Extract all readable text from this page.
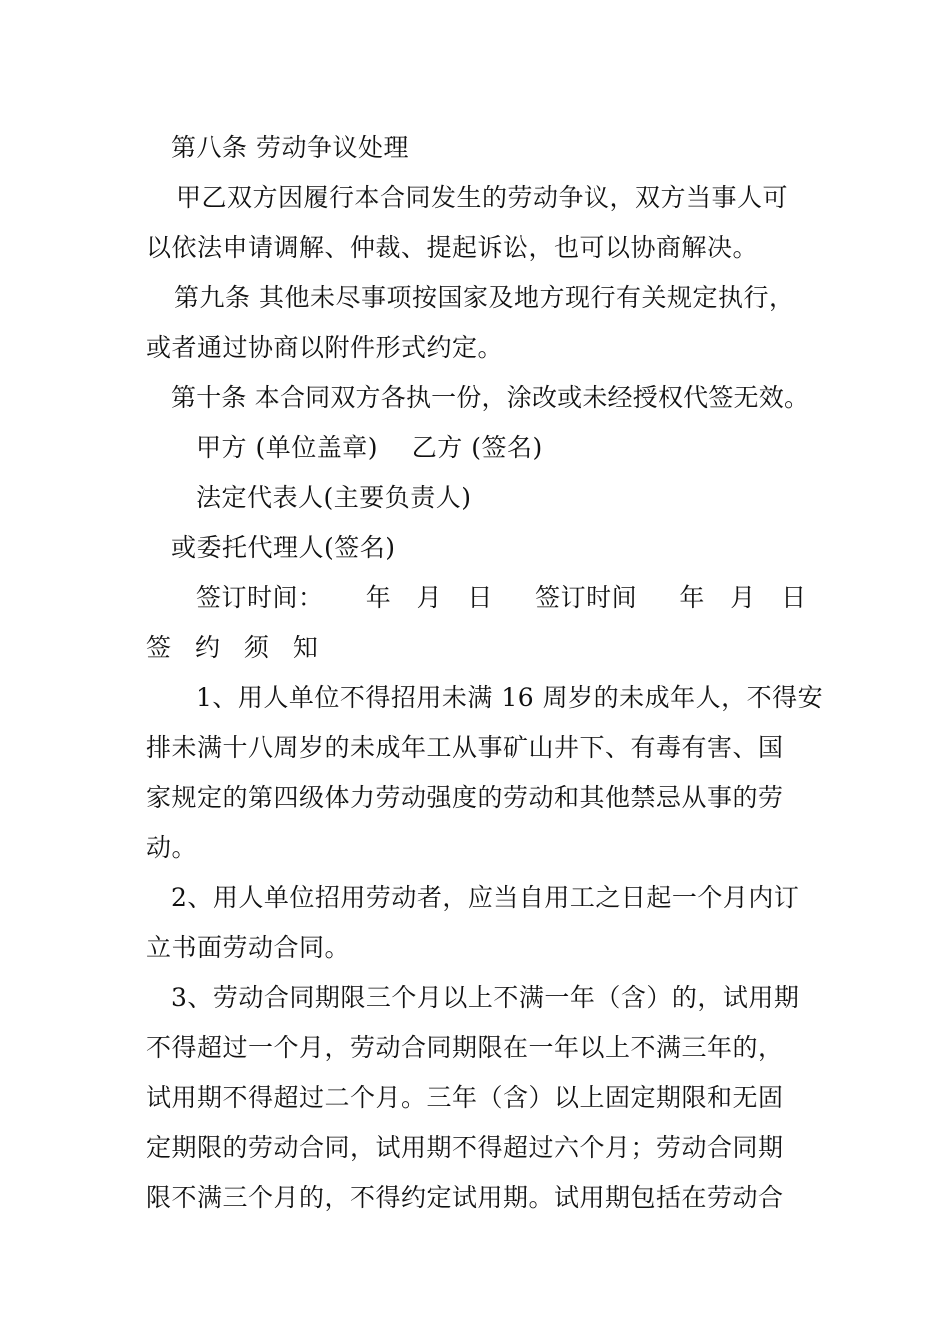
第八条 劳动争议处理
甲乙双方因履行本合同发生的劳动争议，双方当事人可
以依法申请调解、仲裁、提起诉讼，也可以协商解决。
第九条 其他未尽事项按国家及地方现行有关规定执行，
或者通过协商以附件形式约定。
第十条 本合同双方各执一份，涂改或未经授权代签无效。
甲方 (单位盖章)    乙方 (签名)
法定代表人(主要负责人)
或委托代理人(签名)
签订时间：     年   月   日     签订时间     年   月   日
签 约 须 知
1、用人单位不得招用未满 16 周岁的未成年人，不得安
排未满十八周岁的未成年工从事矿山井下、有毒有害、国
家规定的第四级体力劳动强度的劳动和其他禁忌从事的劳
动。
2、用人单位招用劳动者，应当自用工之日起一个月内订
立书面劳动合同。
3、劳动合同期限三个月以上不满一年（含）的，试用期
不得超过一个月，劳动合同期限在一年以上不满三年的，
试用期不得超过二个月。三年（含）以上固定期限和无固
定期限的劳动合同，试用期不得超过六个月；劳动合同期
限不满三个月的，不得约定试用期。试用期包括在劳动合
